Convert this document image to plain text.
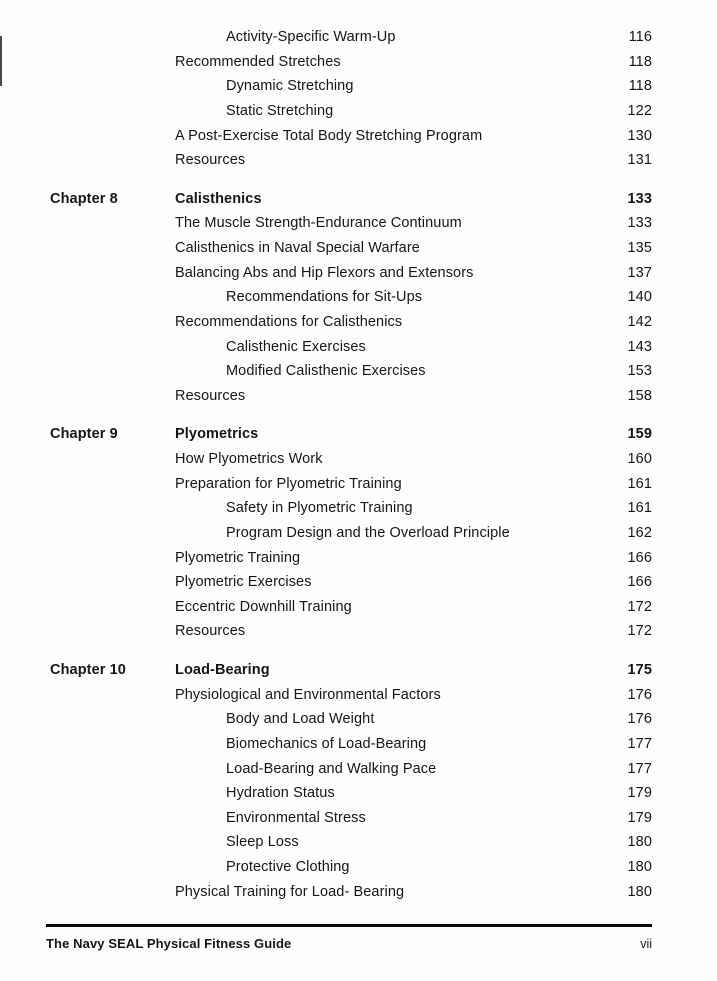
Activity-Specific Warm-Up	116
Recommended Stretches	118
Dynamic Stretching	118
Static Stretching	122
A Post-Exercise Total Body Stretching Program	130
Resources	131
Chapter 8	Calisthenics	133
The Muscle Strength-Endurance Continuum	133
Calisthenics in Naval Special Warfare	135
Balancing Abs and Hip Flexors and Extensors	137
Recommendations for Sit-Ups	140
Recommendations for Calisthenics	142
Calisthenic Exercises	143
Modified Calisthenic Exercises	153
Resources	158
Chapter 9	Plyometrics	159
How Plyometrics Work	160
Preparation for Plyometric Training	161
Safety in Plyometric Training	161
Program Design and the Overload Principle	162
Plyometric Training	166
Plyometric Exercises	166
Eccentric Downhill Training	172
Resources	172
Chapter 10	Load-Bearing	175
Physiological and Environmental Factors	176
Body and Load Weight	176
Biomechanics of Load-Bearing	177
Load-Bearing and Walking Pace	177
Hydration Status	179
Environmental Stress	179
Sleep Loss	180
Protective Clothing	180
Physical Training for Load- Bearing	180
The Navy SEAL Physical Fitness Guide	vii
